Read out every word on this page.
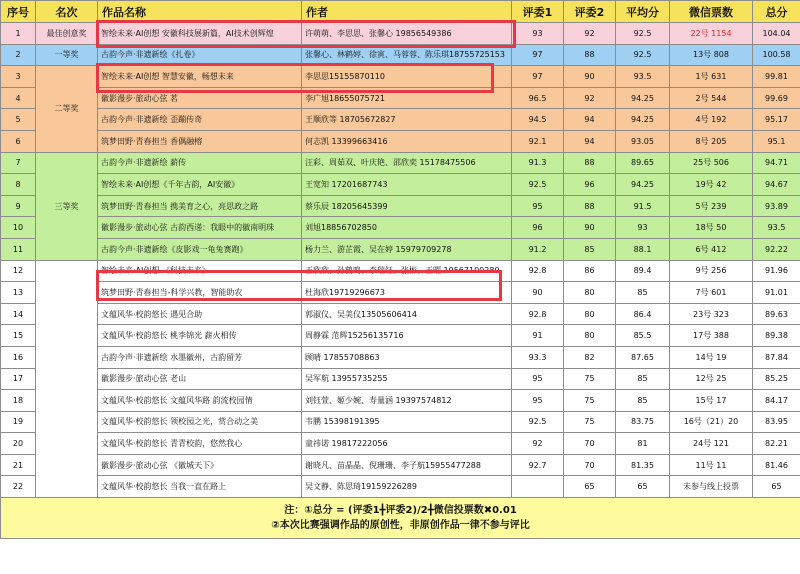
序号	名次	作品名称	作者	评委1	评委2	平均分	微信票数	总分
1	最佳创意奖	智绘未来·AI创想 安徽科技展新篇，AI技术创辉煌	许萌萌、李思思、张馨心 19856549386	93	92	92.5	22号 1154	104.04
2	一等奖	古韵今声·非遗新绘《扎卷》	张馨心、林鹤婷、徐寅、马蓉蓉、陈乐琪18755725153	97	88	92.5	13号 808	100.58
3	二等奖	智绘未来·AI创想 智慧安徽，畅想未来	李思思15155870110	97	90	93.5	1号 631	99.81
4		徽影漫步·旅动心弦 茗	李广旭18655075721	96.5	92	94.25	2号 544	99.69
5		古韵今声·非遗新绘 歪蹦传奇	王顺欣等 18705672827	94.5	94	94.25	4号 192	95.17
6		筑梦田野·青春担当 香偶融榕	何志凯 13399663416	92.1	94	93.05	8号 205	95.1
7	三等奖	古韵今声·非遗新绘 薪传	汪彩、周茹双、叶庆艳、邵欣奕 15178475506	91.3	88	89.65	25号 506	94.71
8		智绘未来·AI创想《千年古韵，AI安徽》	王宽知 17201687743	92.5	96	94.25	19号 42	94.67
9		筑梦田野·青春担当 携美育之心，亮思政之路	蔡乐辰 18205645399	95	88	91.5	5号 239	93.89
10		徽影漫步·旅动心弦 古韵西递：我眼中的徽南明珠	刘旭18856702850	96	90	93	18号 50	93.5
11		古韵今声·非遗新绘《皮影戏一龟兔赛跑》	杨力兰、游芷霞、吴在婷 15979709278	91.2	85	88.1	6号 412	92.22
12		智绘未来·AI创想 《科技未来》	王欣欣、孙鹤鸣、李瑞钰、张彬、王曜 19567100289	92.8	86	89.4	9号 256	91.96
13		筑梦田野·青春担当-科学兴教，智能助农	杜海欣19719296673	90	80	85	7号 601	91.01
14		文蕴风华·校韵悠长 遇见合助	郭淑仪、吴美仪13505606414	92.8	80	86.4	23号 323	89.63
15		文蕴风华·校韵悠长 桃李锦光 薪火相传	周静霖 范辉15256135716	91	80	85.5	17号 388	89.38
16		古韵今声·非遗新绘 水墨徽州，古韵留芳	顾晴 17855708863	93.3	82	87.65	14号 19	87.84
17		徽影漫步·旅动心弦 老山	吴军航 13955735255	95	75	85	12号 25	85.25
18		文蕴风华·校韵悠长 文蕴风华路 韵流校园情	刘钰萱、姬少婉、寿量涵 19397574812	95	75	85	15号 17	84.17
19		文蕴风华·校韵悠长 领校园之光，赏合动之美	韦鹏 15398191395	92.5	75	83.75	16号（21）20	83.95
20		文蕴风华·校韵悠长 青青校韵，悠然我心	童祎诺 19817222056	92	70	81	24号 121	82.21
21		徽影漫步·旅动心弦 《徽城天下》	谢晓凡、苗晶晶、倪珊珊、李子航15955477288	92.7	70	81.35	11号 11	81.46
22		文蕴风华·校韵悠长 当我一直在路上	吴文静、陈思琦19159226289		65	65	未参与线上投票	65

注：①总分 = (评委1╋评委2)/2╋微信投票数✖0.01
②本次比赛强调作品的原创性，非原创作品一律不参与评比								
